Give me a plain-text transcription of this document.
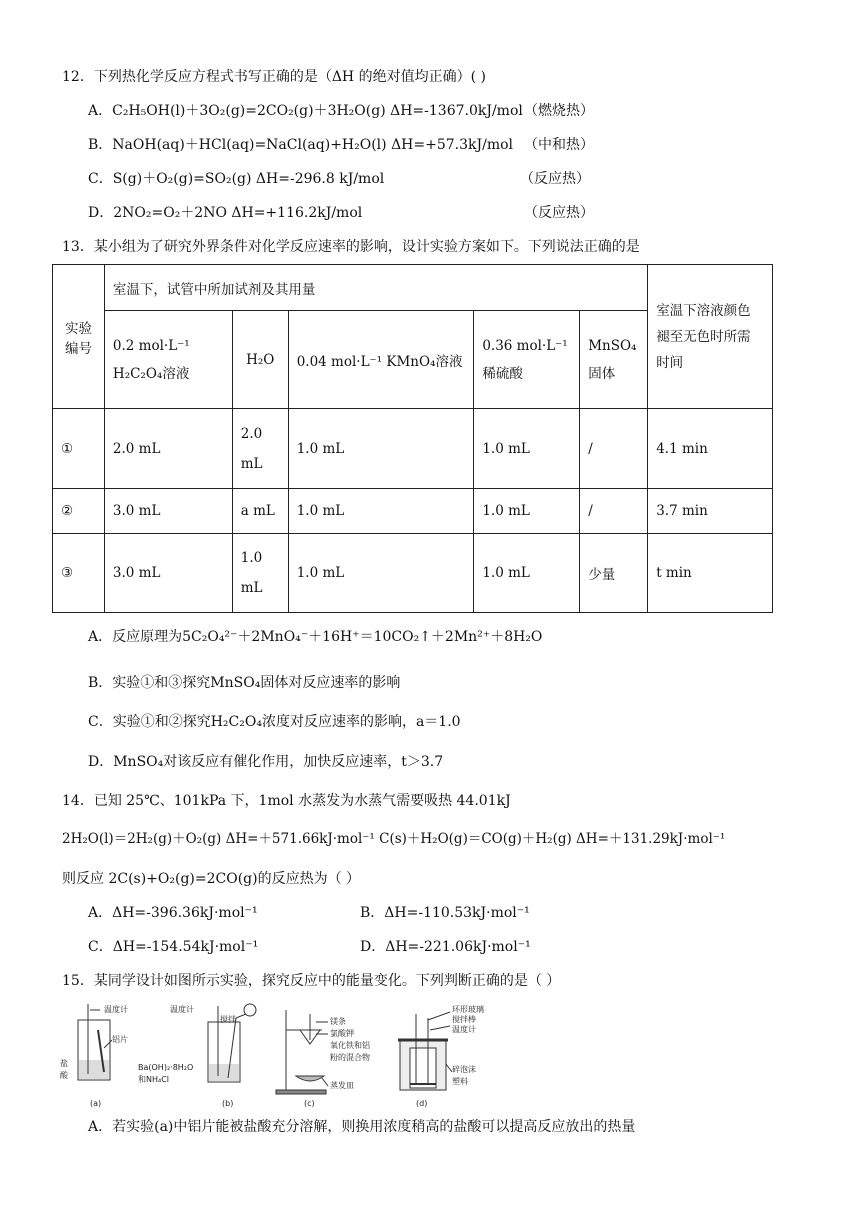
12．下列热化学反应方程式书写正确的是（ΔH 的绝对值均正确）( )
A．C₂H₅OH(l)＋3O₂(g)=2CO₂(g)＋3H₂O(g) ΔH=-1367.0kJ/mol （燃烧热）
B．NaOH(aq)＋HCl(aq)=NaCl(aq)+H₂O(l) ΔH=+57.3kJ/mol （中和热）
C．S(g)＋O₂(g)=SO₂(g) ΔH=-296.8 kJ/mol	（反应热）
D．2NO₂=O₂＋2NO ΔH=+116.2kJ/mol	（反应热）
13．某小组为了研究外界条件对化学反应速率的影响，设计实验方案如下。下列说法正确的是
实验编号	室温下，试管中所加试剂及其用量					室温下溶液颜色褪至无色时所需时间
	0.2 mol·L⁻¹ H₂C₂O₄溶液	H₂O	0.04 mol·L⁻¹ KMnO₄溶液	0.36 mol·L⁻¹ 稀硫酸	MnSO₄ 固体	
①	2.0 mL	2.0 mL	1.0 mL	1.0 mL	/	4.1 min
②	3.0 mL	a mL	1.0 mL	1.0 mL	/	3.7 min
③	3.0 mL	1.0 mL	1.0 mL	1.0 mL	少量	t min
A．反应原理为5C₂O₄²⁻＋2MnO₄⁻＋16H⁺＝10CO₂↑＋2Mn²⁺＋8H₂O
B．实验①和③探究MnSO₄固体对反应速率的影响
C．实验①和②探究H₂C₂O₄浓度对反应速率的影响，a＝1.0
D．MnSO₄对该反应有催化作用，加快反应速率，t＞3.7
14．已知 25℃、101kPa 下，1mol 水蒸发为水蒸气需要吸热 44.01kJ
2H₂O(l)＝2H₂(g)＋O₂(g) ΔH=＋571.66kJ·mol⁻¹ C(s)＋H₂O(g)＝CO(g)＋H₂(g) ΔH=＋131.29kJ·mol⁻¹
则反应 2C(s)+O₂(g)=2CO(g)的反应热为（ ）
A．ΔH=-396.36kJ·mol⁻¹	B．ΔH=-110.53kJ·mol⁻¹
C．ΔH=-154.54kJ·mol⁻¹	D．ΔH=-221.06kJ·mol⁻¹
15．某同学设计如图所示实验，探究反应中的能量变化。下列判断正确的是（ ）
温度计
铝片
盐
酸
(a)
温度计
搅拌
Ba(OH)₂·8H₂O
和NH₄Cl
(b)
镁条
氯酸钾
氧化铁和铝
粉的混合物
蒸发皿
(c)
环形玻璃
搅拌棒
温度计
碎泡沫
塑料
(d)
A．若实验(a)中铝片能被盐酸充分溶解，则换用浓度稍高的盐酸可以提高反应放出的热量
